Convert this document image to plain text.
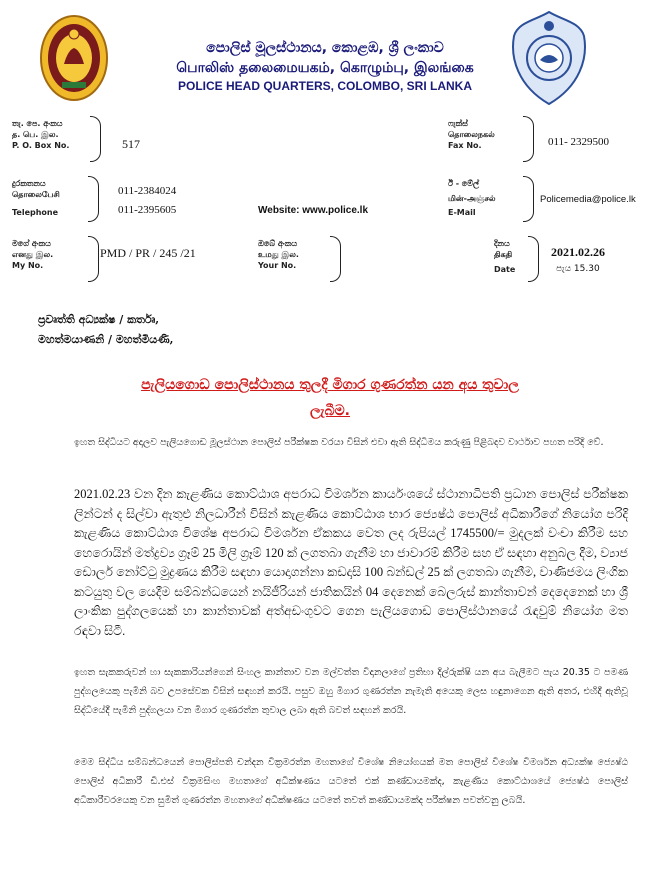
පොලිස් මූලස්ථානය, කොළඹ, ශ්‍රී ලංකාව
பொலிஸ் தலைமையகம், கொழும்பு, இலங்கை
POLICE HEAD QUARTERS, COLOMBO, SRI LANKA
තැ. පෙ. අංකය
த. பெ. இல.
P. O. Box No.	517
ෆැක්ස්
தொலைநகல்
Fax No.	011- 2329500
දුරකතනය
தொலைபேசி
Telephone
011-2384024
011-2395605	Website: www.police.lk
ඊ - මේල්
மின்-அஞ்சல்
E-Mail
Policemedia@police.lk
මගේ අංකය
எனது இல.
My No.
PMD / PR / 245 /21
ඔබේ අංකය
உமது இல.
Your No.
දිනය
திகதி
Date
2021.02.26
පැය 15.30
ප්‍රවෘත්ති අධ්‍යක්ෂ / කර්තෘ,
මහත්මයාණනි / මහත්මියණි,
පැලියගොඩ පොලිස්ථානය තුලදී මිගාර ගුණරත්න යන අය තුවාල
ලැබීම.
ඉහත සිද්ධියට අදාලව පැලියගොඩ මූලස්ථාන පොලිස් පරීක්ෂක වරයා විසින් එවා ඇති සිද්ධිමය කරුණු පිළිබදව වාර්ථාව පහත පරිදි වේ.
2021.02.23 වන දින කැළණිය කොට්ඨාශ අපරාධ විමර්ශන කාර්යංශයේ ස්ථානාධිපති ප්‍රධාන පොලිස් පරීක්ෂක ලින්ටන් ද සිල්වා ඇතුළු නිලධාරීන් විසින් කැළණිය කොට්ඨාශ භාර ජ්‍යෙෂ්ඨ පොලිස් අධිකාරීගේ නියෝග පරිදි කැළණිය කොට්ඨාශ විශේෂ අපරාධ විමර්ශන ඒකකය වෙත ලද රුපියල් 1745500/= මුදලක් වංචා කිරීම සහ හෙරොයින් මත්ද්‍රව්‍ය ග්‍රෑම් 25 මිලි ග්‍රෑම් 120 ක් ලගතබා ගැනීම හා ජාවාරම් කිරීම සහ ඒ සඳහා අනුබල දීම, ව්‍යාජ ඩොලර් නෝට්ටු මුද්‍රණය කිරීම සඳහා යොදාගන්නා කඩදාසි 100 බන්ඩල් 25 ක් ලගතබා ගැනීම, වාණිජමය ලිංගික කටයුතු වල යෙදීම සම්බන්ධයෙන් නයිජීරියන් ජාතිකයින් 04 දෙනෙක් බෙලරුස් කාන්තාවන් දෙදෙනෙක් හා ශ්‍රී ලාංකික පුද්ගලයෙක් හා කාන්තාවක් අත්අඩංගුවට ගෙන පැලියගොඩ පොලිස්ථානයේ රැඳවුම් නියෝග මත රඳවා සිටී.
ඉහත සැකකරුවන් හා සැකකාරියන්ගෙන් සිංහල කාන්තාව වන මල්වත්ත විදානලාගේ ප්‍රතිභා දිල්රුක්ෂි යන අය බැලීමට පැය 20.35 ට පමණ පුද්ගලයෙකු පැමිනි බව උපසේවක විසින් සඳහන් කරයි. පසුව ඔහු මිගාර ගුණරත්න නැමැති අයෙකු ලෙස හඳුනාගෙන ඇති අතර, එහිදී ඇතිවූ සිද්ධියේදී පැමිනි පුද්ගලයා වන මිගාර ගුණරත්න තුවාල ලබා ඇති බවත් සඳහන් කරයි.
මෙම සිද්ධිය සම්බන්ධයෙන් පොලිස්පති චන්දන වික්‍රමරත්න මහතාගේ විශේෂ නියෝගයක් මත පොලිස් විශේෂ විමර්ශන අධ්‍යක්ෂ ජ්‍යෙෂ්ඨ පොලිස් අධිකාරී ඩී.එස් වික්‍රමසිංහ මහතාගේ අධීක්ෂණය යටතේ එක් කණ්ඩායමක්ද, කැළණිය කොට්ඨාශයේ ජ්‍යෙෂ්ඨ පොලිස් අධිකාරීවරයෙකු වන සුමිත් ගුණරත්න මහතාගේ අධීක්ෂණය යටතේ තවත් කණ්ඩායමක්ද පරීක්ෂන පවත්වනු ලබයි.
